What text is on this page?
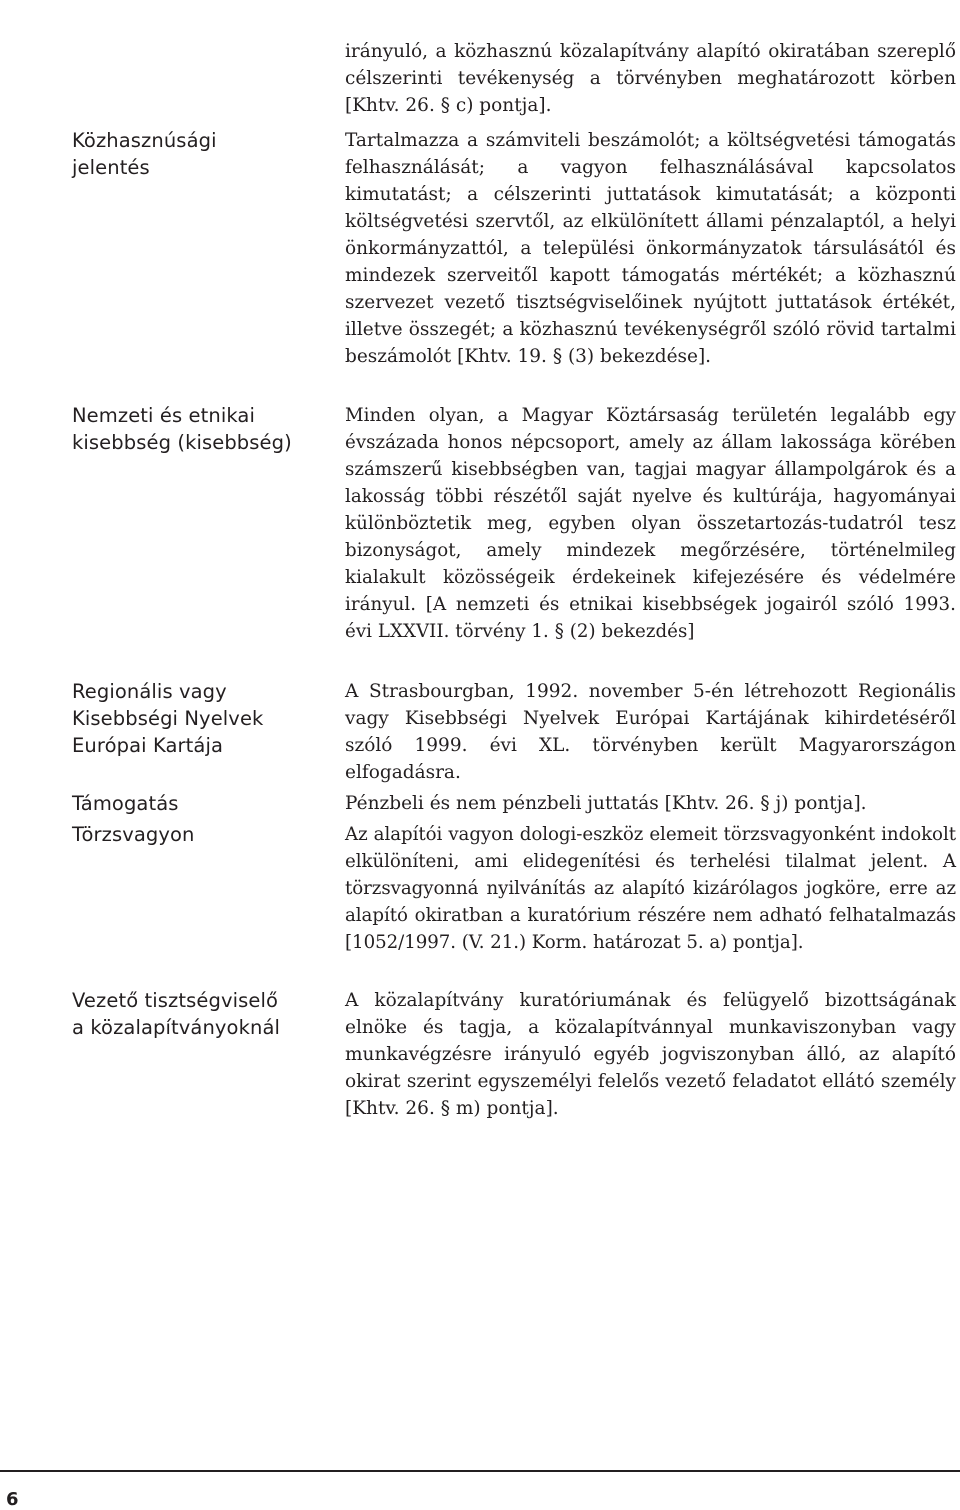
irányuló, a közhasznú közalapítvány alapító okiratában szereplő célszerinti tevékenység a törvényben meghatározott körben [Khtv. 26. § c) pontja].
Közhasznúsági jelentés
Tartalmazza a számviteli beszámolót; a költségvetési támogatás felhasználását; a vagyon felhasználásával kapcsolatos kimutatást; a célszerinti juttatások kimutatását; a központi költségvetési szervtől, az elkülönített állami pénzalaptól, a helyi önkormányzattól, a települési önkormányzatok társulásától és mindezek szerveitől kapott támogatás mértékét; a közhasznú szervezet vezető tisztségviselőinek nyújtott juttatások értékét, illetve összegét; a közhasznú tevékenységről szóló rövid tartalmi beszámolót [Khtv. 19. § (3) bekezdése].
Nemzeti és etnikai kisebbség (kisebbség)
Minden olyan, a Magyar Köztársaság területén legalább egy évszázada honos népcsoport, amely az állam lakossága körében számszerű kisebbségben van, tagjai magyar állampolgárok és a lakosság többi részétől saját nyelve és kultúrája, hagyományai különböztetik meg, egyben olyan összetartozás-tudatról tesz bizonyságot, amely mindezek megőrzésére, történelmileg kialakult közösségeik érdekeinek kifejezésére és védelmére irányul. [A nemzeti és etnikai kisebbségek jogairól szóló 1993. évi LXXVII. törvény 1. § (2) bekezdés]
Regionális vagy Kisebbségi Nyelvek Európai Kartája
A Strasbourgban, 1992. november 5-én létrehozott Regionális vagy Kisebbségi Nyelvek Európai Kartájának kihirdetéséről szóló 1999. évi XL. törvényben került Magyarországon elfogadásra.
Támogatás	Pénzbeli és nem pénzbeli juttatás [Khtv. 26. § j) pontja].
Törzsvagyon	Az alapítói vagyon dologi-eszköz elemeit törzsvagyonként indokolt elkülöníteni, ami elidegenítési és terhelési tilalmat jelent. A törzsvagyonná nyilvánítás az alapító kizárólagos jogköre, erre az alapító okiratban a kuratórium részére nem adható felhatalmazás [1052/1997. (V. 21.) Korm. határozat 5. a) pontja].
Vezető tisztségviselő a közalapítványoknál
A közalapítvány kuratóriumának és felügyelő bizottságának elnöke és tagja, a közalapítvánnyal munkaviszonyban vagy munkavégzésre irányuló egyéb jogviszonyban álló, az alapító okirat szerint egyszemélyi felelős vezető feladatot ellátó személy [Khtv. 26. § m) pontja].
6
